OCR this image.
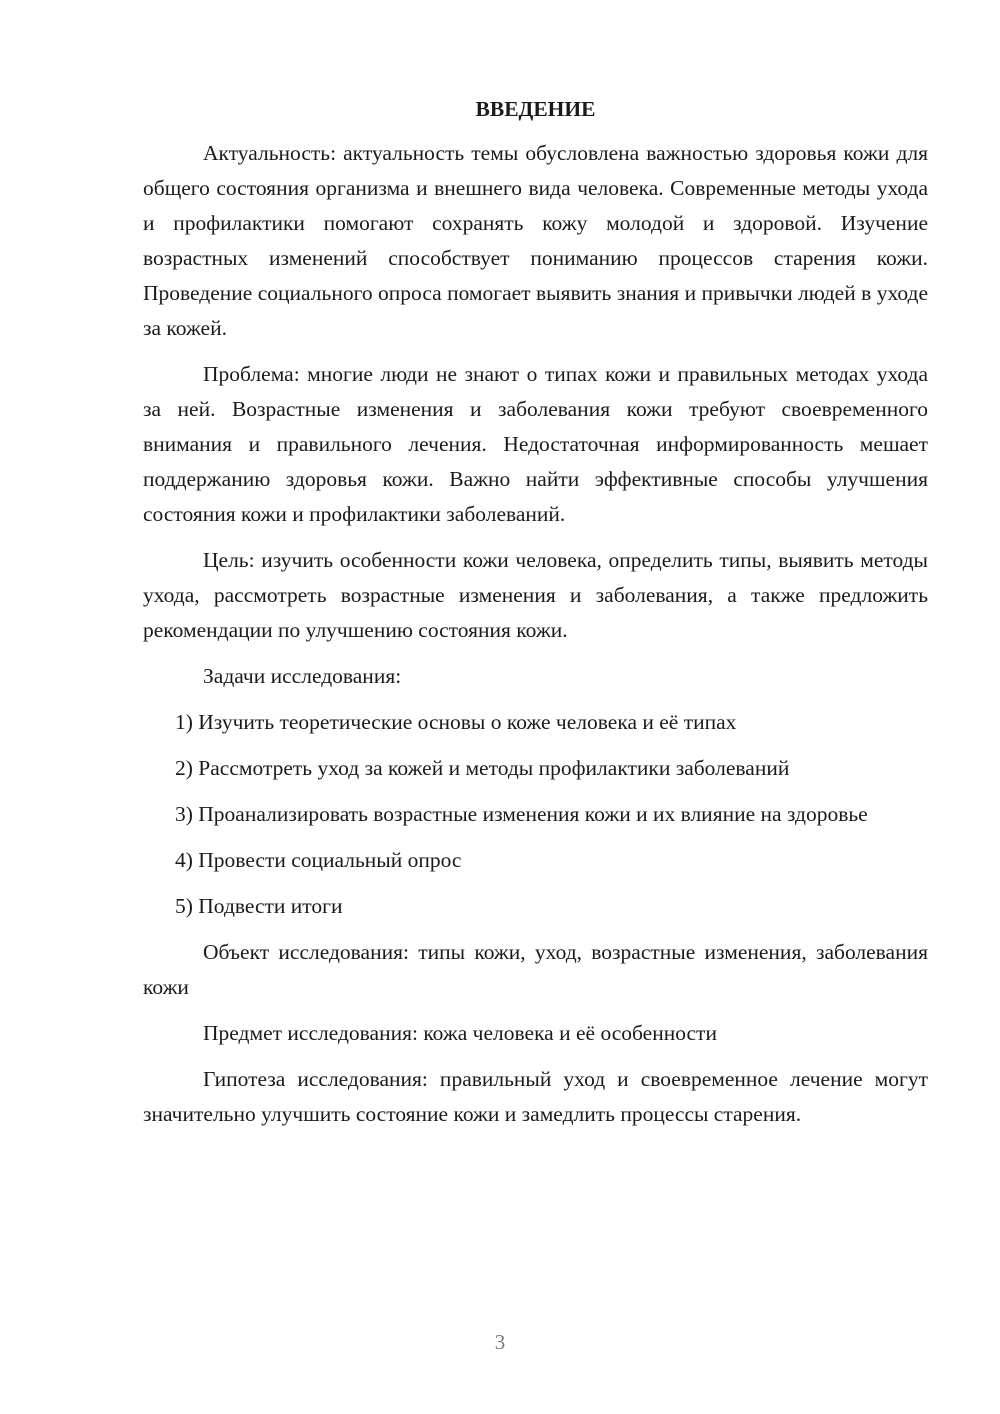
ВВЕДЕНИЕ

Актуальность: актуальность темы обусловлена важностью здоровья кожи для общего состояния организма и внешнего вида человека. Современные методы ухода и профилактики помогают сохранять кожу молодой и здоровой. Изучение возрастных изменений способствует пониманию процессов старения кожи. Проведение социального опроса помогает выявить знания и привычки людей в уходе за кожей.

Проблема: многие люди не знают о типах кожи и правильных методах ухода за ней. Возрастные изменения и заболевания кожи требуют своевременного внимания и правильного лечения. Недостаточная информированность мешает поддержанию здоровья кожи. Важно найти эффективные способы улучшения состояния кожи и профилактики заболеваний.

Цель: изучить особенности кожи человека, определить типы, выявить методы ухода, рассмотреть возрастные изменения и заболевания, а также предложить рекомендации по улучшению состояния кожи.

Задачи исследования:

1) Изучить теоретические основы о коже человека и её типах

2) Рассмотреть уход за кожей и методы профилактики заболеваний

3) Проанализировать возрастные изменения кожи и их влияние на здоровье

4) Провести социальный опрос

5) Подвести итоги

Объект исследования: типы кожи, уход, возрастные изменения, заболевания кожи

Предмет исследования: кожа человека и её особенности

Гипотеза исследования: правильный уход и своевременное лечение могут значительно улучшить состояние кожи и замедлить процессы старения.

3
